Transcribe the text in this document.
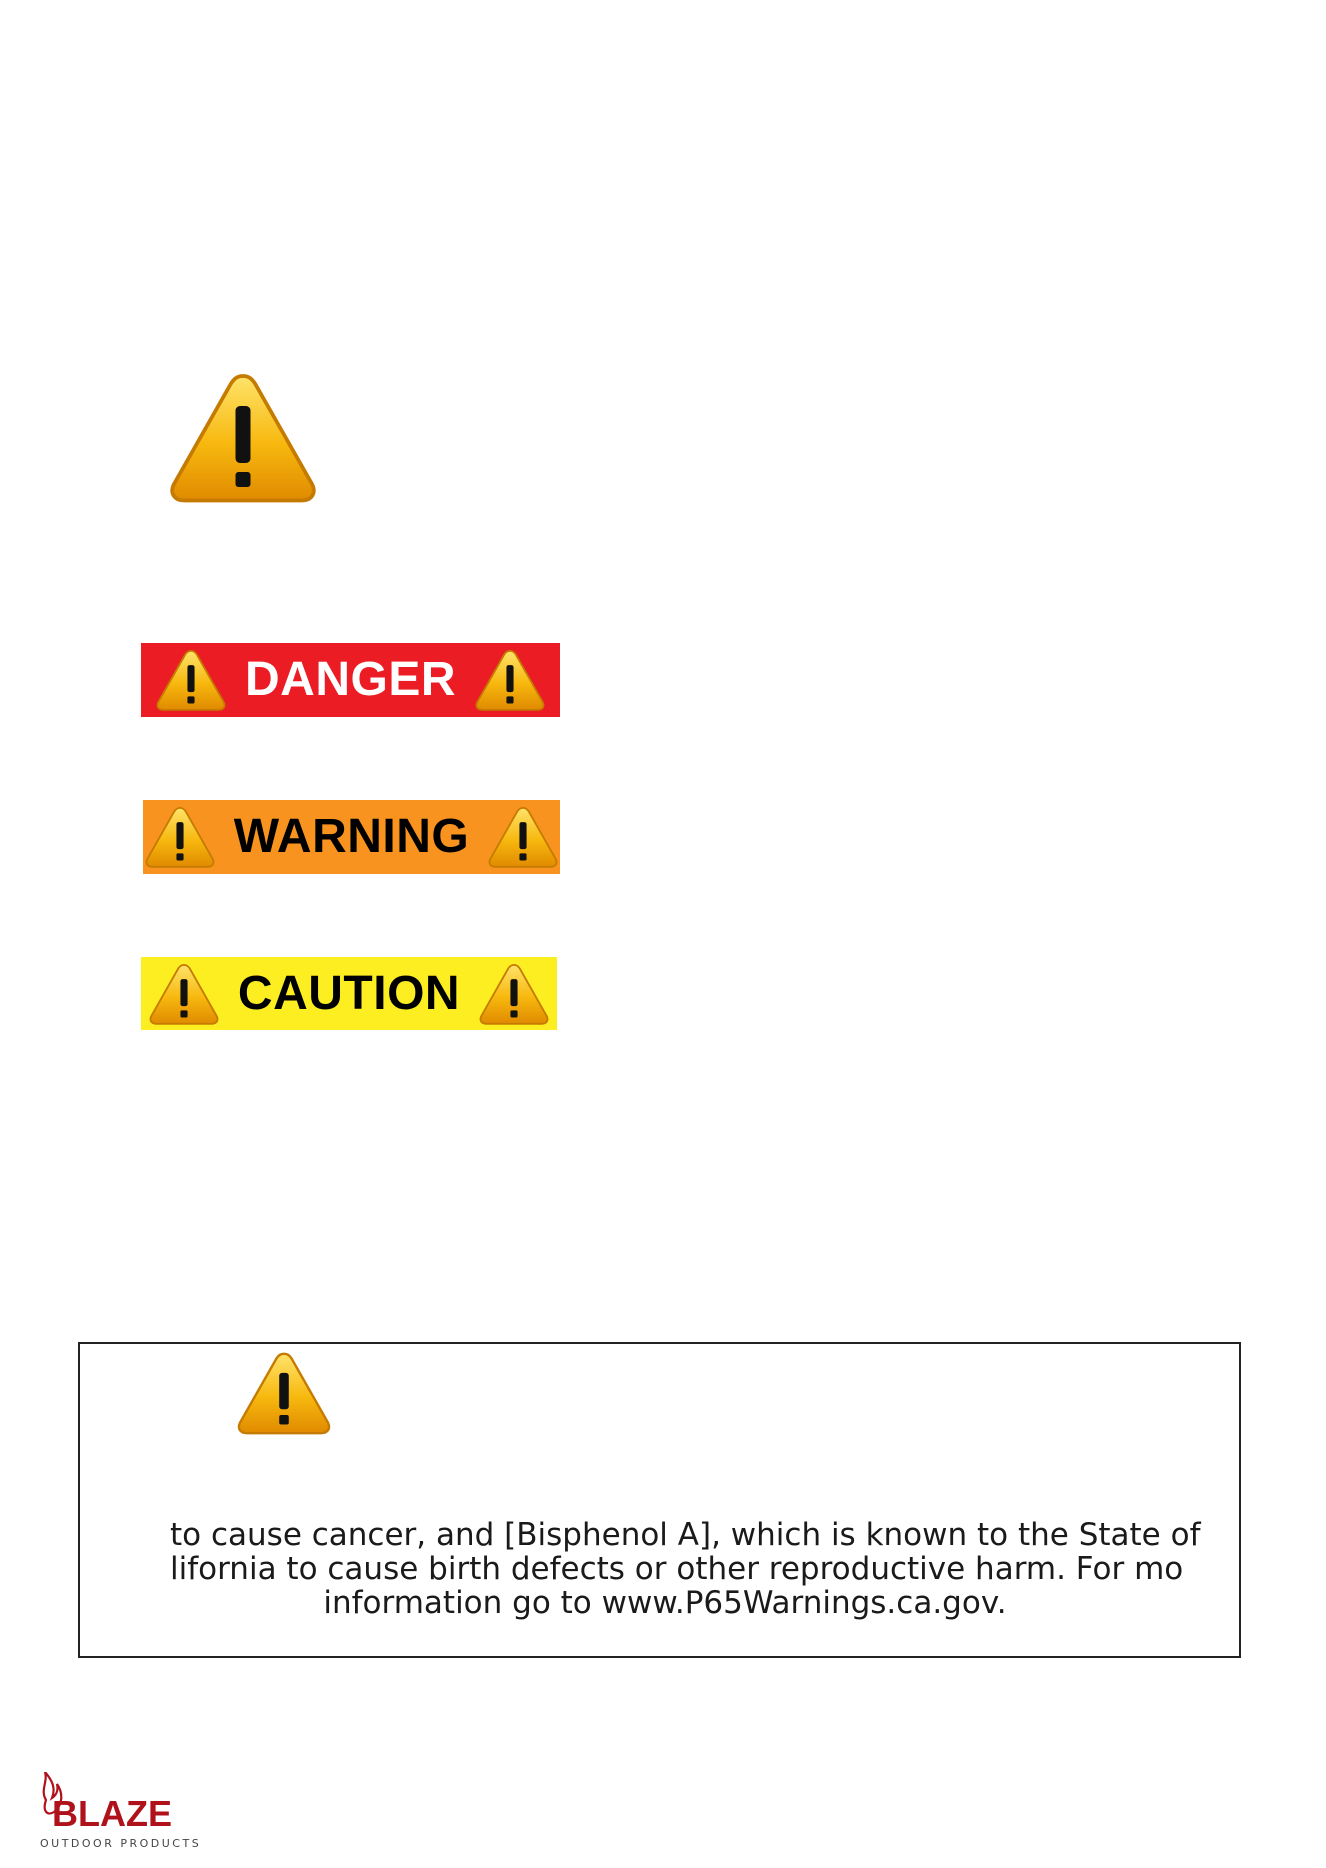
DANGER
WARNING
CAUTION
to cause cancer, and [Bisphenol A], which is known to the State of
lifornia to cause birth defects or other reproductive harm. For mo
information go to www.P65Warnings.ca.gov.
BLAZE
OUTDOOR PRODUCTS
